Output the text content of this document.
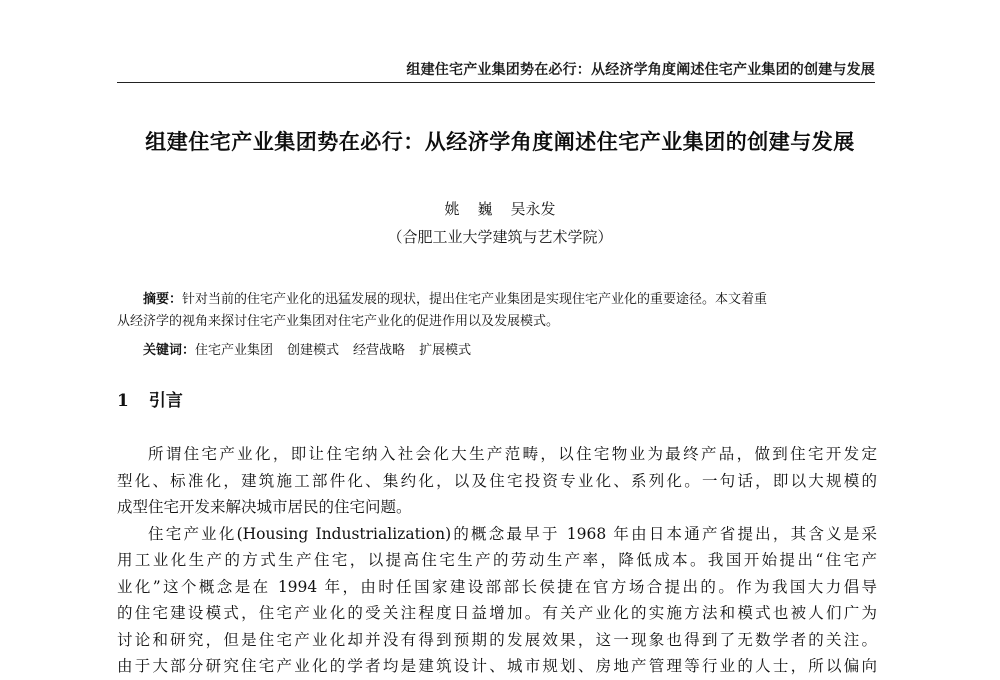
组建住宅产业集团势在必行：从经济学角度阐述住宅产业集团的创建与发展
组建住宅产业集团势在必行：从经济学角度阐述住宅产业集团的创建与发展
姚 巍 吴永发
（合肥工业大学建筑与艺术学院）

摘要：针对当前的住宅产业化的迅猛发展的现状，提出住宅产业集团是实现住宅产业化的重要途径。本文着重

从经济学的视角来探讨住宅产业集团对住宅产业化的促进作用以及发展模式。

关键词：住宅产业集团 创建模式 经营战略 扩展模式
1 引言
所谓住宅产业化，即让住宅纳入社会化大生产范畴，以住宅物业为最终产品，做到住宅开发定
型化、标准化，建筑施工部件化、集约化，以及住宅投资专业化、系列化。一句话，即以大规模的
成型住宅开发来解决城市居民的住宅问题。
住宅产业化(Housing Industrialization)的概念最早于 1968 年由日本通产省提出，其含义是采
用工业化生产的方式生产住宅，以提高住宅生产的劳动生产率，降低成本。我国开始提出“住宅产
业化”这个概念是在 1994 年，由时任国家建设部部长侯捷在官方场合提出的。作为我国大力倡导
的住宅建设模式，住宅产业化的受关注程度日益增加。有关产业化的实施方法和模式也被人们广为
讨论和研究，但是住宅产业化却并没有得到预期的发展效果，这一现象也得到了无数学者的关注。
由于大部分研究住宅产业化的学者均是建筑设计、城市规划、房地产管理等行业的人士，所以偏向
